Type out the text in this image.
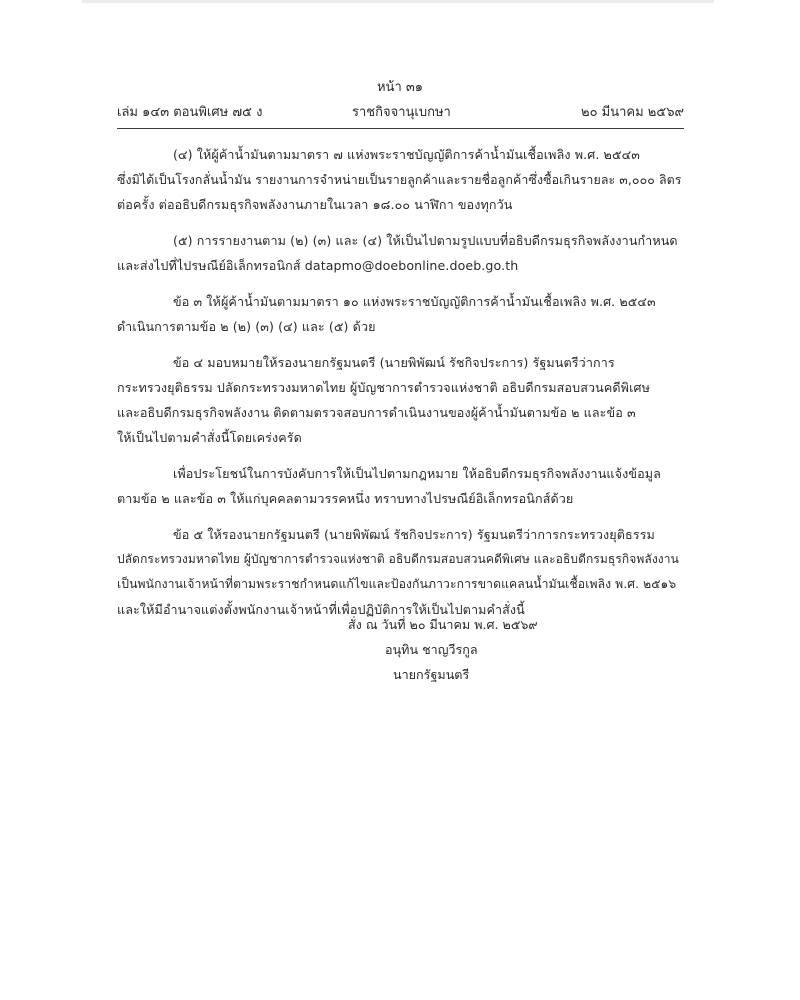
หน้า ๓๑
เล่ม ๑๔๓ ตอนพิเศษ ๗๕ ง	ราชกิจจานุเบกษา	๒๐ มีนาคม ๒๕๖๙

(๔) ให้ผู้ค้าน้ำมันตามมาตรา ๗ แห่งพระราชบัญญัติการค้าน้ำมันเชื้อเพลิง พ.ศ. ๒๕๔๓
ซึ่งมิได้เป็นโรงกลั่นน้ำมัน รายงานการจำหน่ายเป็นรายลูกค้าและรายชื่อลูกค้าซึ่งซื้อเกินรายละ ๓,๐๐๐ ลิตร
ต่อครั้ง ต่ออธิบดีกรมธุรกิจพลังงานภายในเวลา ๑๘.๐๐ นาฬิกา ของทุกวัน

(๕) การรายงานตาม (๒) (๓) และ (๔) ให้เป็นไปตามรูปแบบที่อธิบดีกรมธุรกิจพลังงานกำหนด
และส่งไปที่ไปรษณีย์อิเล็กทรอนิกส์ datapmo@doebonline.doeb.go.th

ข้อ ๓ ให้ผู้ค้าน้ำมันตามมาตรา ๑๐ แห่งพระราชบัญญัติการค้าน้ำมันเชื้อเพลิง พ.ศ. ๒๕๔๓
ดำเนินการตามข้อ ๒ (๒) (๓) (๔) และ (๕) ด้วย

ข้อ ๔ มอบหมายให้รองนายกรัฐมนตรี (นายพิพัฒน์ รัชกิจประการ) รัฐมนตรีว่าการ
กระทรวงยุติธรรม ปลัดกระทรวงมหาดไทย ผู้บัญชาการตำรวจแห่งชาติ อธิบดีกรมสอบสวนคดีพิเศษ
และอธิบดีกรมธุรกิจพลังงาน ติดตามตรวจสอบการดำเนินงานของผู้ค้าน้ำมันตามข้อ ๒ และข้อ ๓
ให้เป็นไปตามคำสั่งนี้โดยเคร่งครัด

เพื่อประโยชน์ในการบังคับการให้เป็นไปตามกฎหมาย ให้อธิบดีกรมธุรกิจพลังงานแจ้งข้อมูล
ตามข้อ ๒ และข้อ ๓ ให้แก่บุคคลตามวรรคหนึ่ง ทราบทางไปรษณีย์อิเล็กทรอนิกส์ด้วย

ข้อ ๕ ให้รองนายกรัฐมนตรี (นายพิพัฒน์ รัชกิจประการ) รัฐมนตรีว่าการกระทรวงยุติธรรม
ปลัดกระทรวงมหาดไทย ผู้บัญชาการตำรวจแห่งชาติ อธิบดีกรมสอบสวนคดีพิเศษ และอธิบดีกรมธุรกิจพลังงาน
เป็นพนักงานเจ้าหน้าที่ตามพระราชกำหนดแก้ไขและป้องกันภาวะการขาดแคลนน้ำมันเชื้อเพลิง พ.ศ. ๒๕๑๖
และให้มีอำนาจแต่งตั้งพนักงานเจ้าหน้าที่เพื่อปฏิบัติการให้เป็นไปตามคำสั่งนี้

สั่ง ณ วันที่ ๒๐ มีนาคม พ.ศ. ๒๕๖๙
อนุทิน ชาญวีรกูล
นายกรัฐมนตรี
